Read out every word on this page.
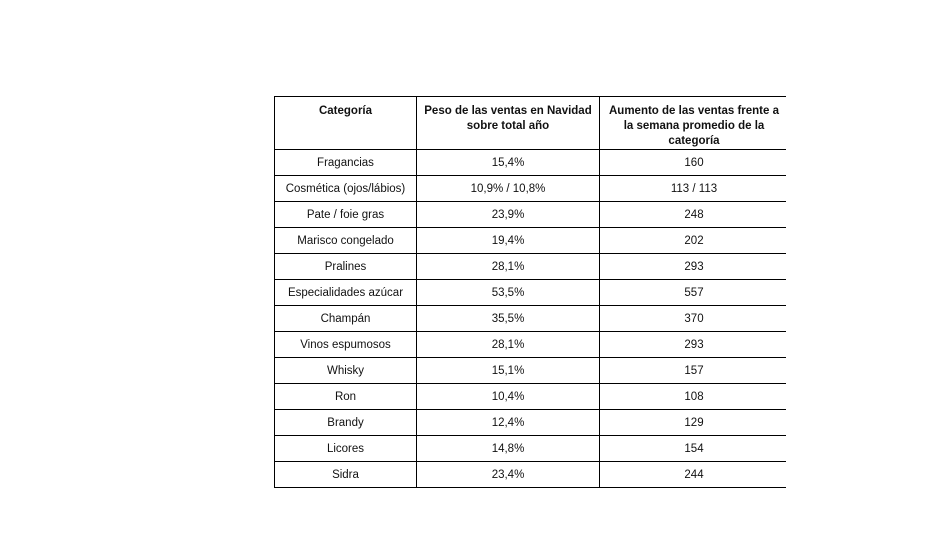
Categoría	Peso de las ventas en Navidad sobre total año	Aumento de las ventas frente a la semana promedio de la categoría
Fragancias	15,4%	160
Cosmética (ojos/lábios)	10,9% / 10,8%	113 / 113
Pate / foie gras	23,9%	248
Marisco congelado	19,4%	202
Pralines	28,1%	293
Especialidades azúcar	53,5%	557
Champán	35,5%	370
Vinos espumosos	28,1%	293
Whisky	15,1%	157
Ron	10,4%	108
Brandy	12,4%	129
Licores	14,8%	154
Sidra	23,4%	244
